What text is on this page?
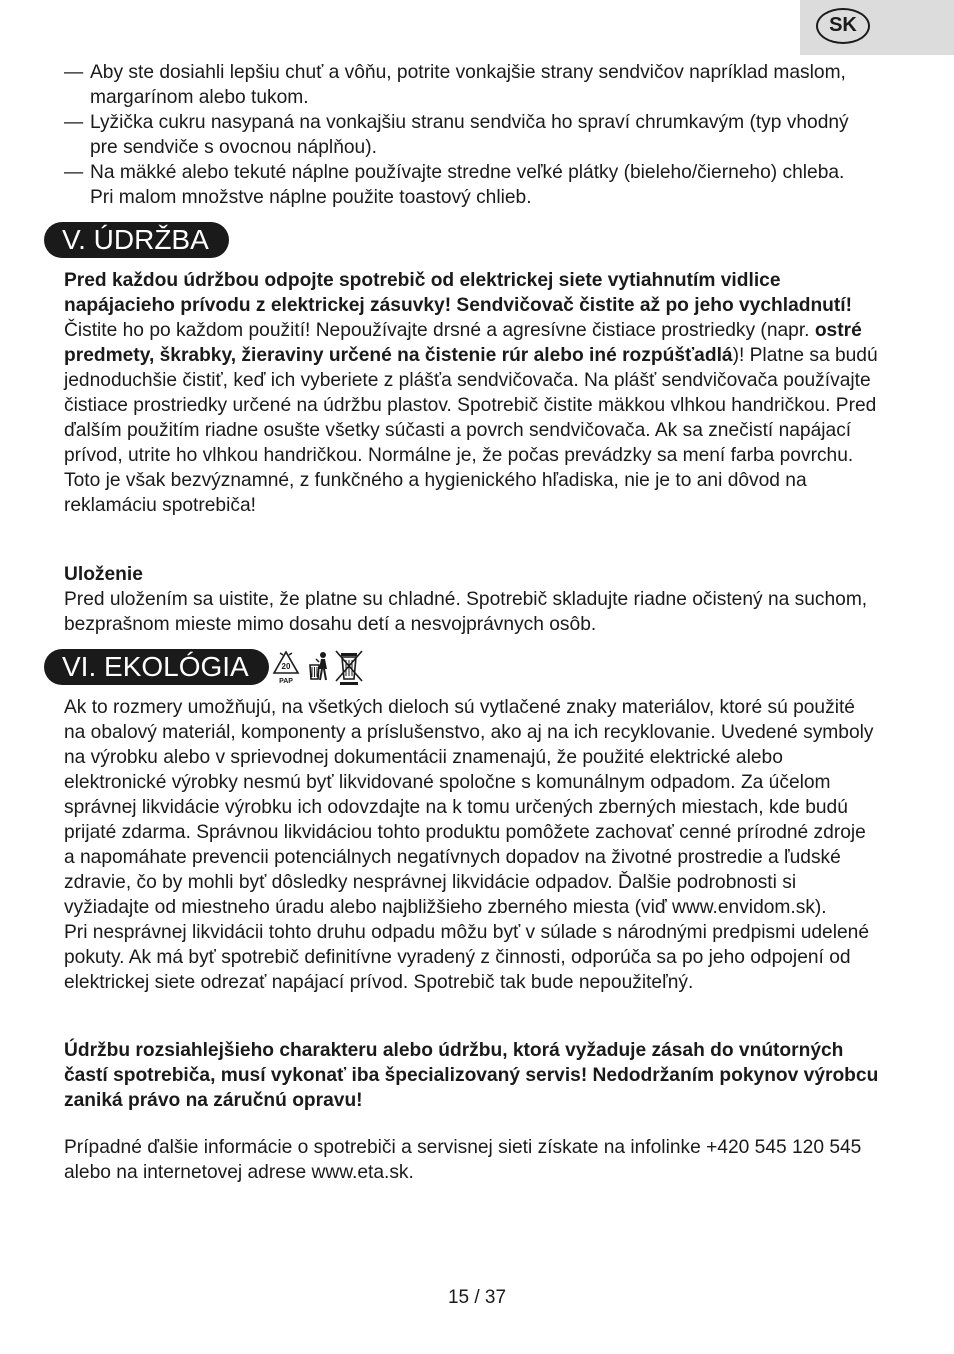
SK
— Aby ste dosiahli lepšiu chuť a vôňu, potrite vonkajšie strany sendvičov napríklad maslom, margarínom alebo tukom.
— Lyžička cukru nasypaná na vonkajšiu stranu sendviča ho spraví chrumkavým (typ vhodný pre sendviče s ovocnou náplňou).
— Na mäkké alebo tekuté náplne používajte stredne veľké plátky (bieleho/čierneho) chleba. Pri malom množstve náplne použite toastový chlieb.
V. ÚDRŽBA

Pred každou údržbou odpojte spotrebič od elektrickej siete vytiahnutím vidlice napájacieho prívodu z elektrickej zásuvky! Sendvičovač čistite až po jeho vychladnutí! Čistite ho po každom použití! Nepoužívajte drsné a agresívne čistiace prostriedky (napr. ostré predmety, škrabky, žieraviny určené na čistenie rúr alebo iné rozpúšťadlá)! Platne sa budú jednoduchšie čistiť, keď ich vyberiete z plášťa sendvičovača. Na plášť sendvičovača používajte čistiace prostriedky určené na údržbu plastov. Spotrebič čistite mäkkou vlhkou handričkou. Pred ďalším použitím riadne osušte všetky súčasti a povrch sendvičovača. Ak sa znečistí napájací prívod, utrite ho vlhkou handričkou. Normálne je, že počas prevádzky sa mení farba povrchu. Toto je však bezvýznamné, z funkčného a hygienického hľadiska, nie je to ani dôvod na reklamáciu spotrebiča!

Uloženie

Pred uložením sa uistite, že platne su chladné. Spotrebič skladujte riadne očistený na suchom, bezprašnom mieste mimo dosahu detí a nesvojprávnych osôb.

VI. EKOLÓGIA	20
PAP

Ak to rozmery umožňujú, na všetkých dieloch sú vytlačené znaky materiálov, ktoré sú použité na obalový materiál, komponenty a príslušenstvo, ako aj na ich recyklovanie. Uvedené symboly na výrobku alebo v sprievodnej dokumentácii znamenajú, že použité elektrické alebo elektronické výrobky nesmú byť likvidované spoločne s komunálnym odpadom. Za účelom správnej likvidácie výrobku ich odovzdajte na k tomu určených zberných miestach, kde budú prijaté zdarma. Správnou likvidáciou tohto produktu pomôžete zachovať cenné prírodné zdroje a napomáhate prevencii potenciálnych negatívnych dopadov na životné prostredie a ľudské zdravie, čo by mohli byť dôsledky nesprávnej likvidácie odpadov. Ďalšie podrobnosti si vyžiadajte od miestneho úradu alebo najbližšieho zberného miesta (viď www.envidom.sk).

Pri nesprávnej likvidácii tohto druhu odpadu môžu byť v súlade s národnými predpismi udelené pokuty. Ak má byť spotrebič definitívne vyradený z činnosti, odporúča sa po jeho odpojení od elektrickej siete odrezať napájací prívod. Spotrebič tak bude nepoužiteľný.

Údržbu rozsiahlejšieho charakteru alebo údržbu, ktorá vyžaduje zásah do vnútorných častí spotrebiča, musí vykonať iba špecializovaný servis! Nedodržaním pokynov výrobcu zaniká právo na záručnú opravu!

Prípadné ďalšie informácie o spotrebiči a servisnej sieti získate na infolinke +420 545 120 545 alebo na internetovej adrese www.eta.sk.

15 / 37
